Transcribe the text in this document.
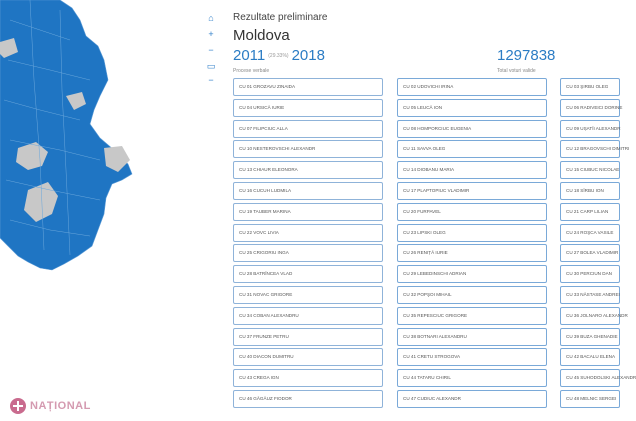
⌂
+
−
▭
−
Rezultate preliminare
Moldova
2011 (29.33%) 2018
Procese verbale
1297838
Total voturi valide
CU 01 GROZAVU ZINAIDA
CU 04 URSICĂ IURIE
CU 07 FILIPCIUC ALLA
CU 10 NESTEROVSCHI ALEXANDR
CU 13 CHIAUR ELEONORA
CU 16 CUCUH LUDMILA
CU 19 TAUBER MARINA
CU 22 VOVC LIVIA
CU 25 CRIGORIU INGA
CU 28 BATRÎNCEA VLAD
CU 31 NOVAC GRIGORE
CU 34 COBAN ALEXANDRU
CU 37 FRUNZE PETRU
CU 40 DIACON DUMITRU
CU 43 CREGA IGN
CU 46 GĂGĂUZ FIODOR
CU 02 UDOVICHI IRINA
CU 05 LEUCĂ ION
CU 08 HOMPORCIUC EUGENIA
CU 11 SAVVA OLEG
CU 14 DIOBANU MARIA
CU 17 PLAPTOPIUC VLADIMIR
CU 20 FURPAVEL
CU 23 LIPSKI OLEG
CU 26 RENIȚĂ IURIE
CU 29 LEBEDINSCHI ADRIAN
CU 32 POPŞOI MIHAIL
CU 35 REPESCIUC GRIGORE
CU 38 BOTNARI ALEXANDRU
CU 41 CRETU STROGOVA
CU 44 TATARU CHIRIL
CU 47 CUDIUC ALEXANDR
CU 03 ŞIRBU OLEG
CU 06 RADIVEICI DORINE
CU 09 UȘATÎI ALEXANDR
CU 12 BRAGOVSCHI DIMITRI
CU 15 CIUBUC NICOLAE
CU 18 SÎRBU ION
CU 21 CARP LILIAN
CU 24 ROŞCA VASILE
CU 27 BOLEA VLADIMIR
CU 30 PERCIUN DAN
CU 33 NĂSTASE ANDREI
CU 36 JOLNARO ALEXANDR
CU 39 BUZA GHENADIE
CU 42 BACALU ELENA
CU 45 SUHODOLSKI ALEXANDR
CU 48 MELNIC SERGEI
NAȚIONAL
